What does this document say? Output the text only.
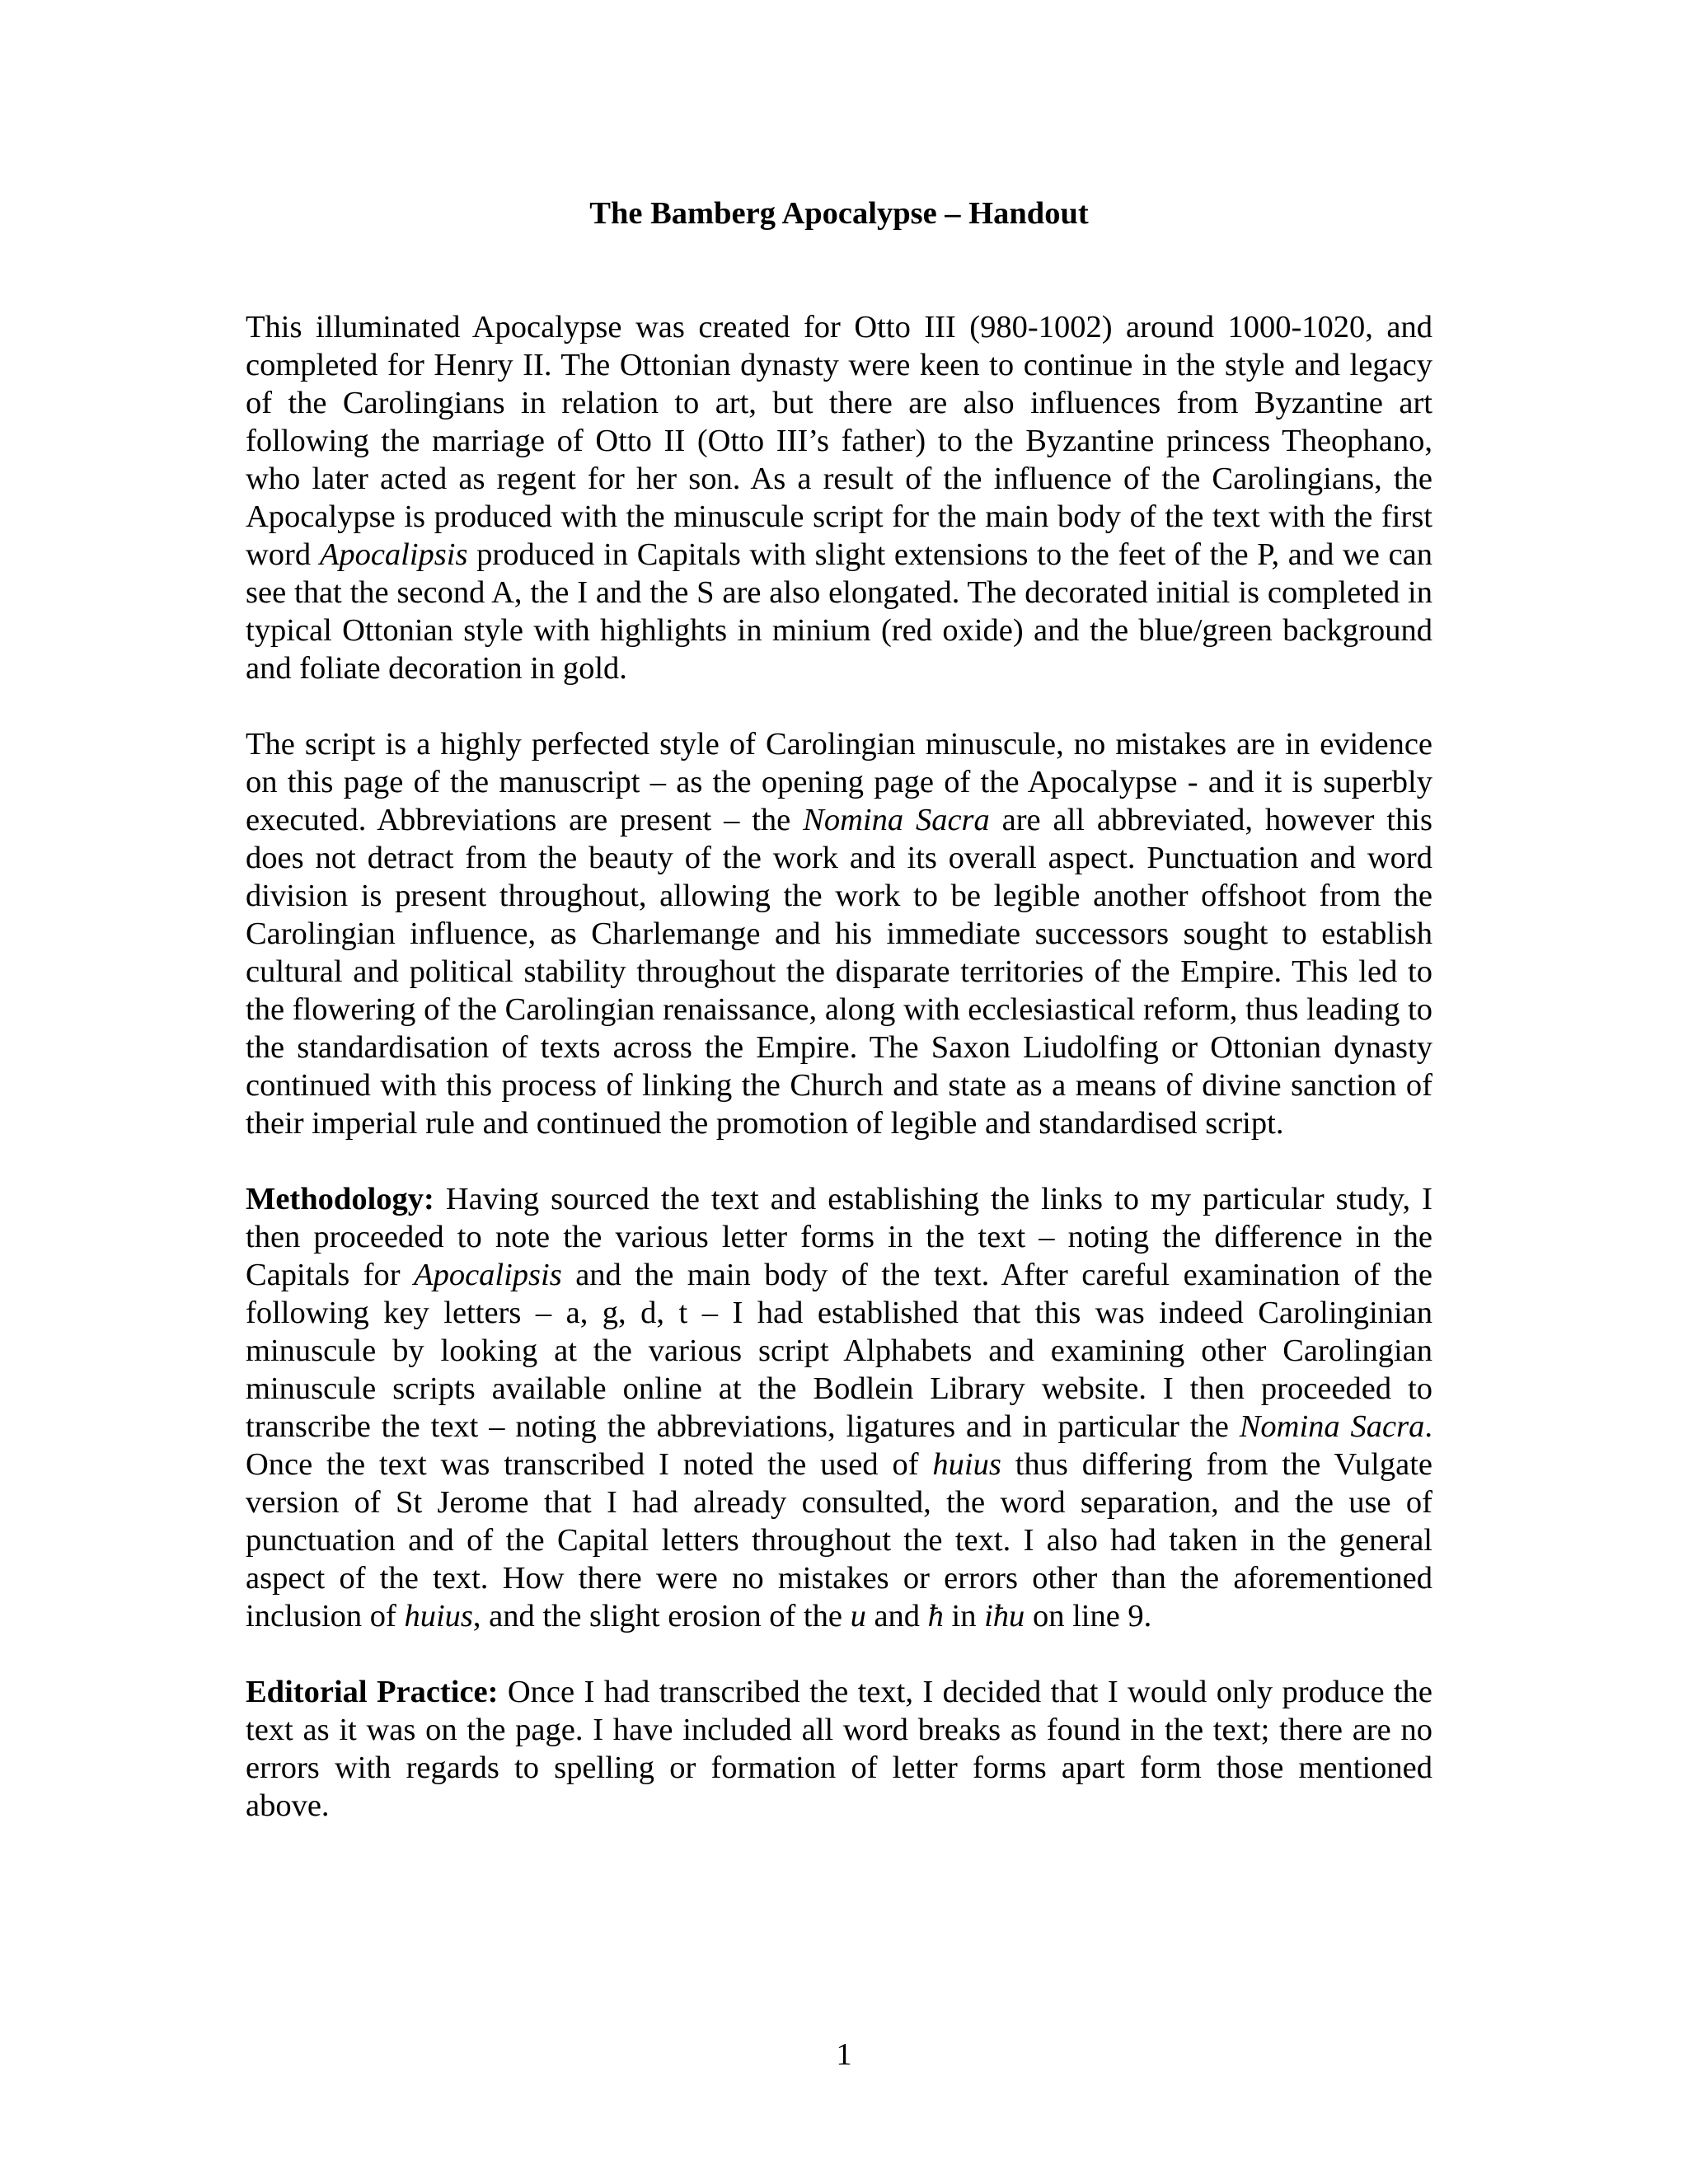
The Bamberg Apocalypse – Handout

This illuminated Apocalypse was created for Otto III (980-1002) around 1000-1020, and completed for Henry II. The Ottonian dynasty were keen to continue in the style and legacy of the Carolingians in relation to art, but there are also influences from Byzantine art following the marriage of Otto II (Otto III’s father) to the Byzantine princess Theophano, who later acted as regent for her son. As a result of the influence of the Carolingians, the Apocalypse is produced with the minuscule script for the main body of the text with the first word Apocalipsis produced in Capitals with slight extensions to the feet of the P, and we can see that the second A, the I and the S are also elongated. The decorated initial is completed in typical Ottonian style with highlights in minium (red oxide) and the blue/green background and foliate decoration in gold.

The script is a highly perfected style of Carolingian minuscule, no mistakes are in evidence on this page of the manuscript – as the opening page of the Apocalypse - and it is superbly executed. Abbreviations are present – the Nomina Sacra are all abbreviated, however this does not detract from the beauty of the work and its overall aspect. Punctuation and word division is present throughout, allowing the work to be legible another offshoot from the Carolingian influence, as Charlemange and his immediate successors sought to establish cultural and political stability throughout the disparate territories of the Empire. This led to the flowering of the Carolingian renaissance, along with ecclesiastical reform, thus leading to the standardisation of texts across the Empire. The Saxon Liudolfing or Ottonian dynasty continued with this process of linking the Church and state as a means of divine sanction of their imperial rule and continued the promotion of legible and standardised script.

Methodology: Having sourced the text and establishing the links to my particular study, I then proceeded to note the various letter forms in the text – noting the difference in the Capitals for Apocalipsis and the main body of the text. After careful examination of the following key letters – a, g, d, t – I had established that this was indeed Carolinginian minuscule by looking at the various script Alphabets and examining other Carolingian minuscule scripts available online at the Bodlein Library website. I then proceeded to transcribe the text – noting the abbreviations, ligatures and in particular the Nomina Sacra. Once the text was transcribed I noted the used of huius thus differing from the Vulgate version of St Jerome that I had already consulted, the word separation, and the use of punctuation and of the Capital letters throughout the text. I also had taken in the general aspect of the text. How there were no mistakes or errors other than the aforementioned inclusion of huius, and the slight erosion of the u and ħ in iħu on line 9.

Editorial Practice: Once I had transcribed the text, I decided that I would only produce the text as it was on the page. I have included all word breaks as found in the text; there are no errors with regards to spelling or formation of letter forms apart form those mentioned above.

1
